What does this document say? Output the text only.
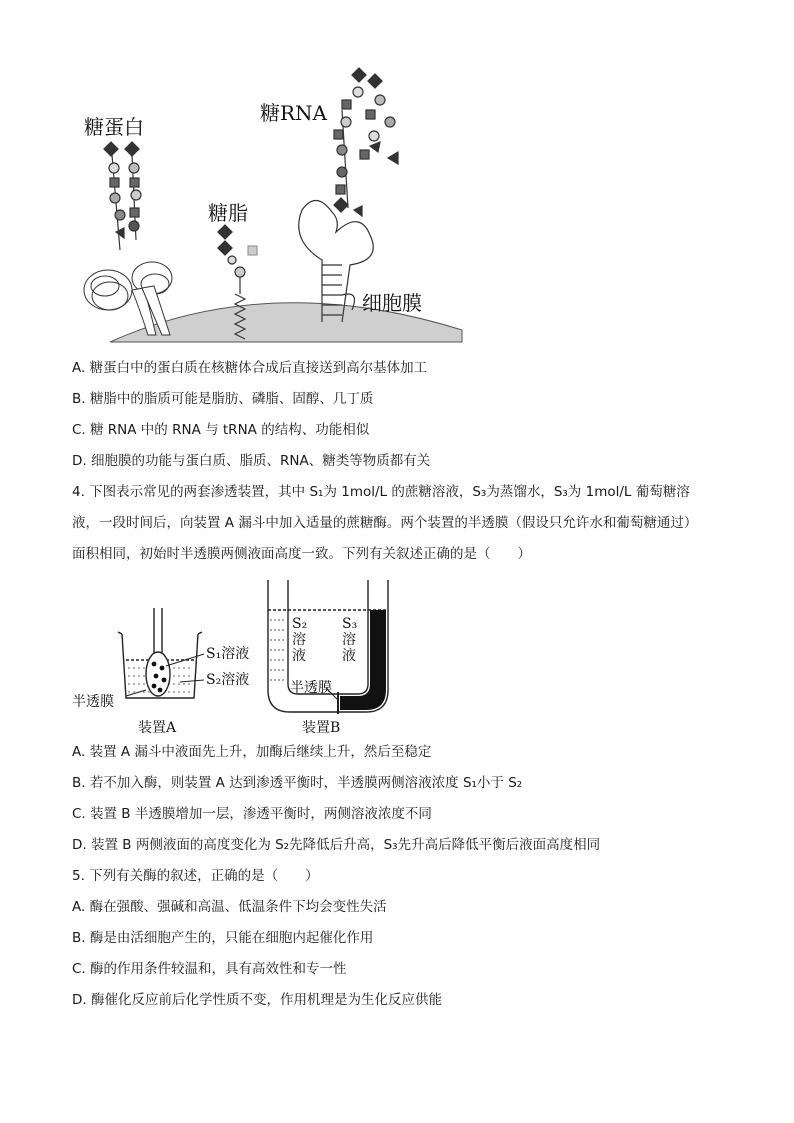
糖蛋白
糖RNA
糖脂
细胞膜
A. 糖蛋白中的蛋白质在核糖体合成后直接送到高尔基体加工
B. 糖脂中的脂质可能是脂肪、磷脂、固醇、几丁质
C. 糖 RNA 中的 RNA 与 tRNA 的结构、功能相似
D. 细胞膜的功能与蛋白质、脂质、RNA、糖类等物质都有关
4. 下图表示常见的两套渗透装置，其中 S₁为 1mol/L 的蔗糖溶液，S₃为蒸馏水，S₃为 1mol/L 葡萄糖溶
液，一段时间后，向装置 A 漏斗中加入适量的蔗糖酶。两个装置的半透膜（假设只允许水和葡萄糖通过）
面积相同，初始时半透膜两侧液面高度一致。下列有关叙述正确的是（　　）
S₁溶液
S₂溶液
半透膜
装置A
S₂
溶
液
S₃
溶
液
半透膜
装置B
A. 装置 A 漏斗中液面先上升，加酶后继续上升，然后至稳定
B. 若不加入酶，则装置 A 达到渗透平衡时，半透膜两侧溶液浓度 S₁小于 S₂
C. 装置 B 半透膜增加一层，渗透平衡时，两侧溶液浓度不同
D. 装置 B 两侧液面的高度变化为 S₂先降低后升高，S₃先升高后降低平衡后液面高度相同
5. 下列有关酶的叙述，正确的是（　　）
A. 酶在强酸、强碱和高温、低温条件下均会变性失活
B. 酶是由活细胞产生的，只能在细胞内起催化作用
C. 酶的作用条件较温和，具有高效性和专一性
D. 酶催化反应前后化学性质不变，作用机理是为生化反应供能
